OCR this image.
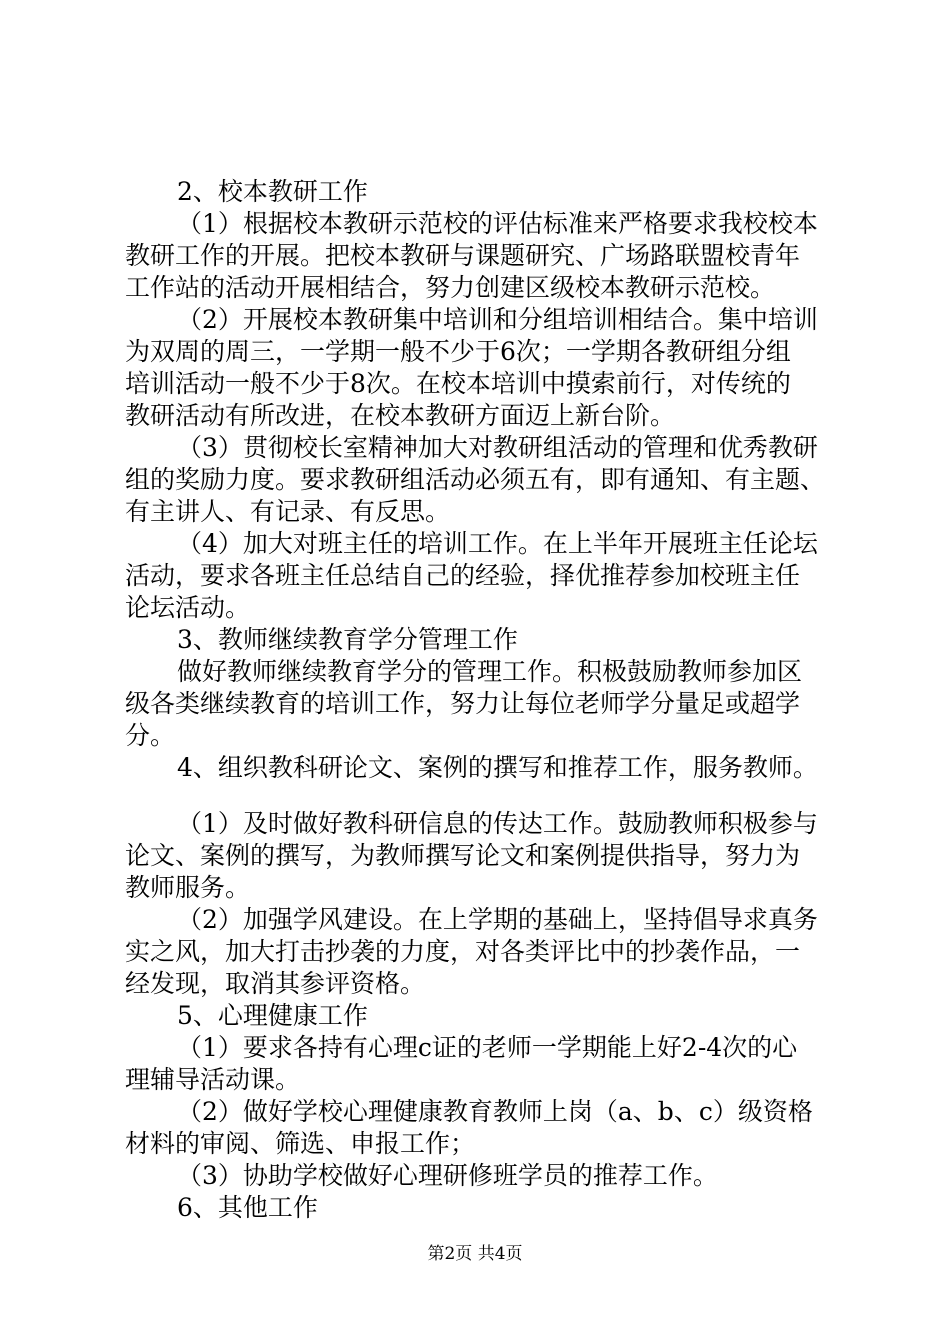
2、校本教研工作
（1）根据校本教研示范校的评估标准来严格要求我校校本
教研工作的开展。把校本教研与课题研究、广场路联盟校青年
工作站的活动开展相结合，努力创建区级校本教研示范校。
（2）开展校本教研集中培训和分组培训相结合。集中培训
为双周的周三，一学期一般不少于6次；一学期各教研组分组
培训活动一般不少于8次。在校本培训中摸索前行，对传统的
教研活动有所改进，在校本教研方面迈上新台阶。
（3）贯彻校长室精神加大对教研组活动的管理和优秀教研
组的奖励力度。要求教研组活动必须五有，即有通知、有主题、
有主讲人、有记录、有反思。
（4）加大对班主任的培训工作。在上半年开展班主任论坛
活动，要求各班主任总结自己的经验，择优推荐参加校班主任
论坛活动。
3、教师继续教育学分管理工作
做好教师继续教育学分的管理工作。积极鼓励教师参加区
级各类继续教育的培训工作，努力让每位老师学分量足或超学
分。
4、组织教科研论文、案例的撰写和推荐工作，服务教师。
（1）及时做好教科研信息的传达工作。鼓励教师积极参与
论文、案例的撰写，为教师撰写论文和案例提供指导，努力为
教师服务。
（2）加强学风建设。在上学期的基础上，坚持倡导求真务
实之风，加大打击抄袭的力度，对各类评比中的抄袭作品，一
经发现，取消其参评资格。
5、心理健康工作
（1）要求各持有心理c证的老师一学期能上好2-4次的心
理辅导活动课。
（2）做好学校心理健康教育教师上岗（a、b、c）级资格
材料的审阅、筛选、申报工作；
（3）协助学校做好心理研修班学员的推荐工作。
6、其他工作
第2页 共4页
